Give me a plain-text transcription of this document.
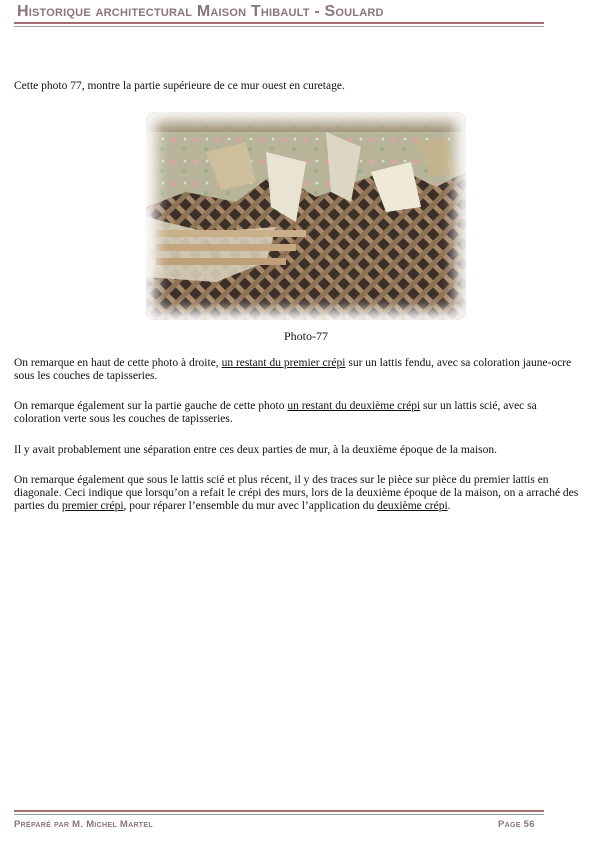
Historique architectural Maison Thibault - Soulard
Cette photo 77, montre la partie supérieure de ce mur ouest en curetage.
Photo-77
On remarque en haut de cette photo à droite, un restant du premier crépi sur un lattis fendu, avec sa coloration jaune-ocre sous les couches de tapisseries.
On remarque également sur la partie gauche de cette photo un restant du deuxième crépi sur un lattis scié, avec sa coloration verte sous les couches de tapisseries.
Il y avait probablement une séparation entre ces deux parties de mur, à la deuxième époque de la maison.
On remarque également que sous le lattis scié et plus récent, il y des traces sur le pièce sur pièce du premier lattis en diagonale. Ceci indique que lorsqu’on a refait le crépi des murs, lors de la deuxième époque de la maison, on a arraché des parties du premier crépi, pour réparer l’ensemble du mur avec l’application du deuxième crépi.
Préparé par M. Michel Martel	Page 56
